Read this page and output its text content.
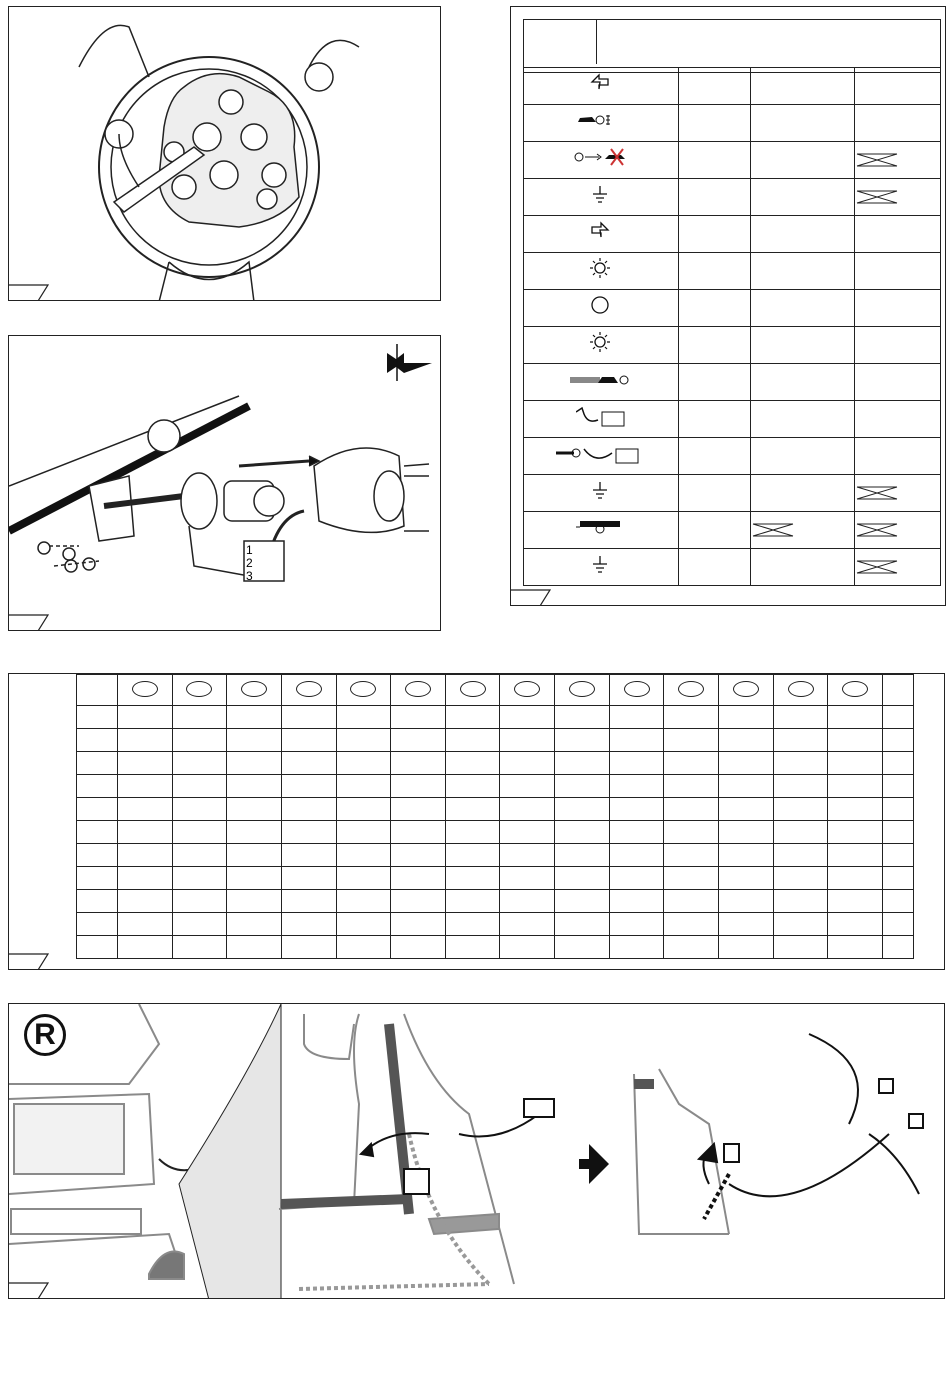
1
2
3

R
